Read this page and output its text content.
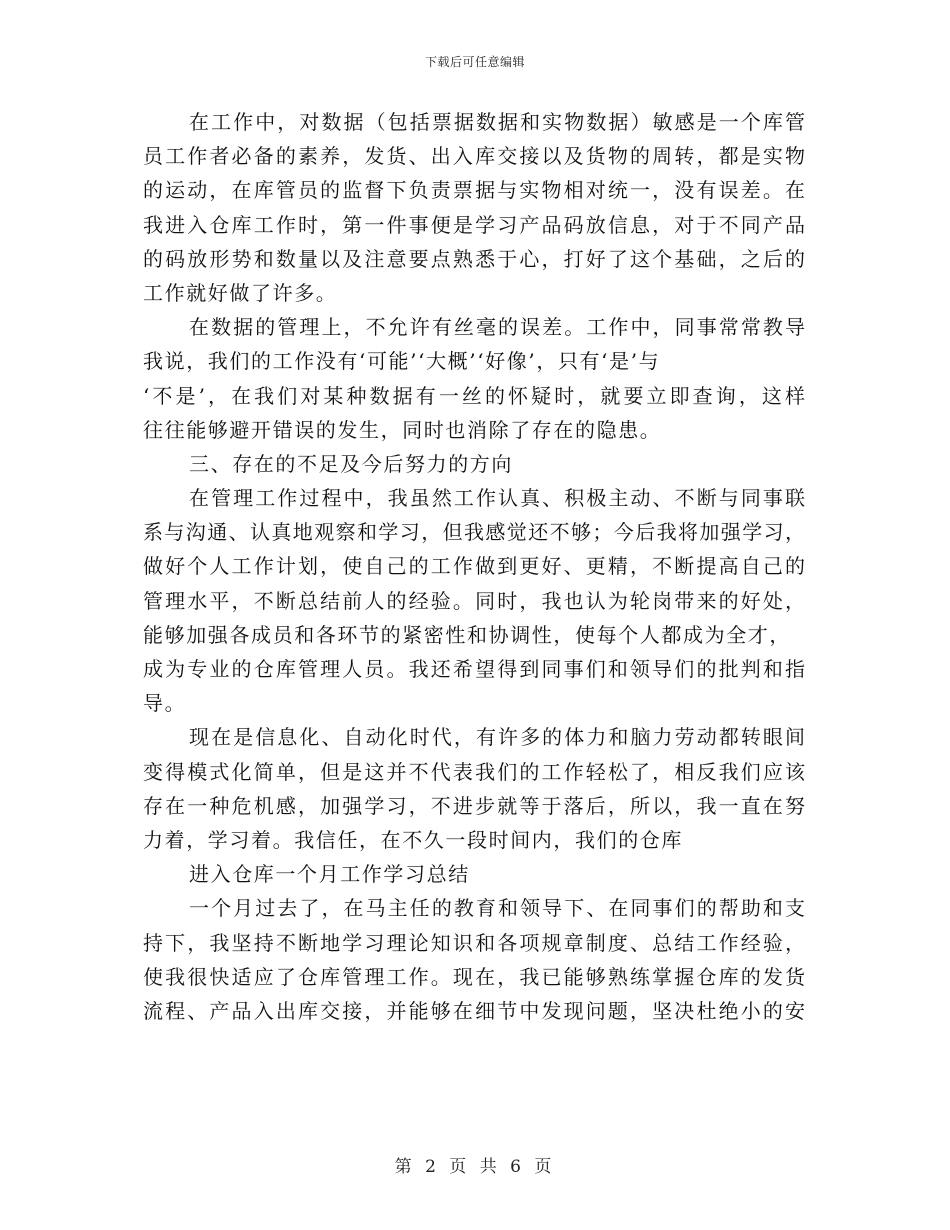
下载后可任意编辑
在工作中，对数据（包括票据数据和实物数据）敏感是一个库管
员工作者必备的素养，发货、出入库交接以及货物的周转，都是实物
的运动，在库管员的监督下负责票据与实物相对统一，没有误差。在
我进入仓库工作时，第一件事便是学习产品码放信息，对于不同产品
的码放形势和数量以及注意要点熟悉于心，打好了这个基础，之后的
工作就好做了许多。
在数据的管理上，不允许有丝毫的误差。工作中，同事常常教导
我说，我们的工作没有‘可能’‘大概’‘好像’，只有‘是’与
‘不是’，在我们对某种数据有一丝的怀疑时，就要立即查询，这样
往往能够避开错误的发生，同时也消除了存在的隐患。
三、存在的不足及今后努力的方向
在管理工作过程中，我虽然工作认真、积极主动、不断与同事联
系与沟通、认真地观察和学习，但我感觉还不够；今后我将加强学习，
做好个人工作计划，使自己的工作做到更好、更精，不断提高自己的
管理水平，不断总结前人的经验。同时，我也认为轮岗带来的好处，
能够加强各成员和各环节的紧密性和协调性，使每个人都成为全才，
成为专业的仓库管理人员。我还希望得到同事们和领导们的批判和指
导。
现在是信息化、自动化时代，有许多的体力和脑力劳动都转眼间
变得模式化简单，但是这并不代表我们的工作轻松了，相反我们应该
存在一种危机感，加强学习，不进步就等于落后，所以，我一直在努
力着，学习着。我信任，在不久一段时间内，我们的仓库
进入仓库一个月工作学习总结
一个月过去了，在马主任的教育和领导下、在同事们的帮助和支
持下，我坚持不断地学习理论知识和各项规章制度、总结工作经验，
使我很快适应了仓库管理工作。现在，我已能够熟练掌握仓库的发货
流程、产品入出库交接，并能够在细节中发现问题，坚决杜绝小的安
第 2 页 共 6 页
